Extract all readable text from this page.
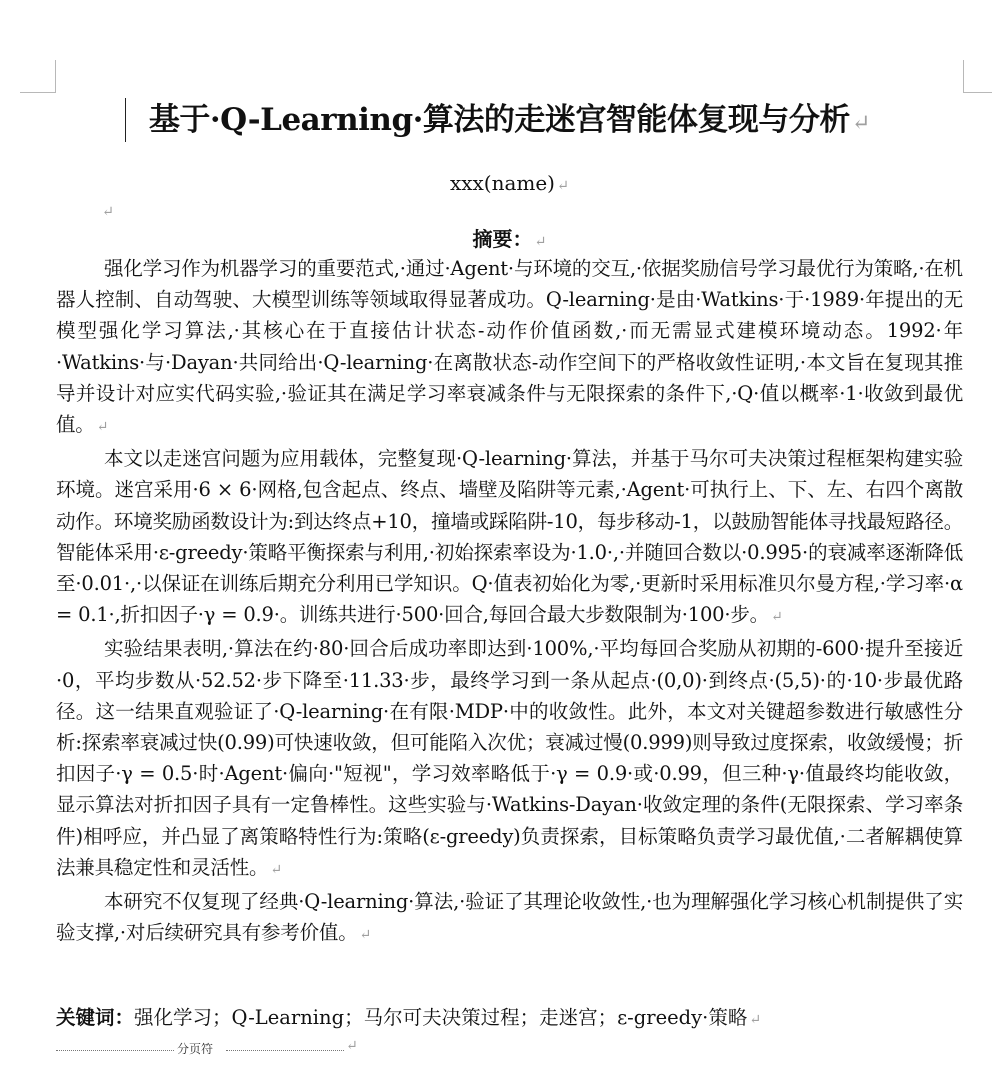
基于·Q-Learning·算法的走迷宫智能体复现与分析↵
xxx(name) ↵
↵
摘要： ↵

强化学习作为机器学习的重要范式,·通过·Agent·与环境的交互,·依据奖励信号学习最优行为策略,·在机器人控制、自动驾驶、大模型训练等领域取得显著成功。Q-learning·是由·Watkins·于·1989·年提出的无模型强化学习算法,·其核心在于直接估计状态-动作价值函数,·而无需显式建模环境动态。1992·年·Watkins·与·Dayan·共同给出·Q-learning·在离散状态-动作空间下的严格收敛性证明,·本文旨在复现其推导并设计对应实代码实验,·验证其在满足学习率衰减条件与无限探索的条件下,·Q·值以概率·1·收敛到最优值。 ↵

本文以走迷宫问题为应用载体，完整复现·Q-learning·算法，并基于马尔可夫决策过程框架构建实验环境。迷宫采用·6 × 6·网格,包含起点、终点、墙壁及陷阱等元素,·Agent·可执行上、下、左、右四个离散动作。环境奖励函数设计为:到达终点+10，撞墙或踩陷阱-10，每步移动-1，以鼓励智能体寻找最短路径。智能体采用·ε-greedy·策略平衡探索与利用,·初始探索率设为·1.0·,·并随回合数以·0.995·的衰减率逐渐降低至·0.01·,·以保证在训练后期充分利用已学知识。Q·值表初始化为零,·更新时采用标准贝尔曼方程,·学习率·α = 0.1·,折扣因子·γ = 0.9·。训练共进行·500·回合,每回合最大步数限制为·100·步。 ↵

实验结果表明,·算法在约·80·回合后成功率即达到·100%,·平均每回合奖励从初期的-600·提升至接近·0，平均步数从·52.52·步下降至·11.33·步，最终学习到一条从起点·(0,0)·到终点·(5,5)·的·10·步最优路径。这一结果直观验证了·Q-learning·在有限·MDP·中的收敛性。此外，本文对关键超参数进行敏感性分析:探索率衰减过快(0.99)可快速收敛，但可能陷入次优；衰减过慢(0.999)则导致过度探索，收敛缓慢；折扣因子·γ = 0.5·时·Agent·偏向·"短视"，学习效率略低于·γ = 0.9·或·0.99，但三种·γ·值最终均能收敛，显示算法对折扣因子具有一定鲁棒性。这些实验与·Watkins-Dayan·收敛定理的条件(无限探索、学习率条件)相呼应，并凸显了离策略特性行为:策略(ε-greedy)负责探索，目标策略负责学习最优值,·二者解耦使算法兼具稳定性和灵活性。 ↵

本研究不仅复现了经典·Q-learning·算法,·验证了其理论收敛性,·也为理解强化学习核心机制提供了实验支撑,·对后续研究具有参考价值。 ↵

关键词：强化学习；Q-Learning；马尔可夫决策过程；走迷宫；ε-greedy·策略 ↵
分页符	↵
